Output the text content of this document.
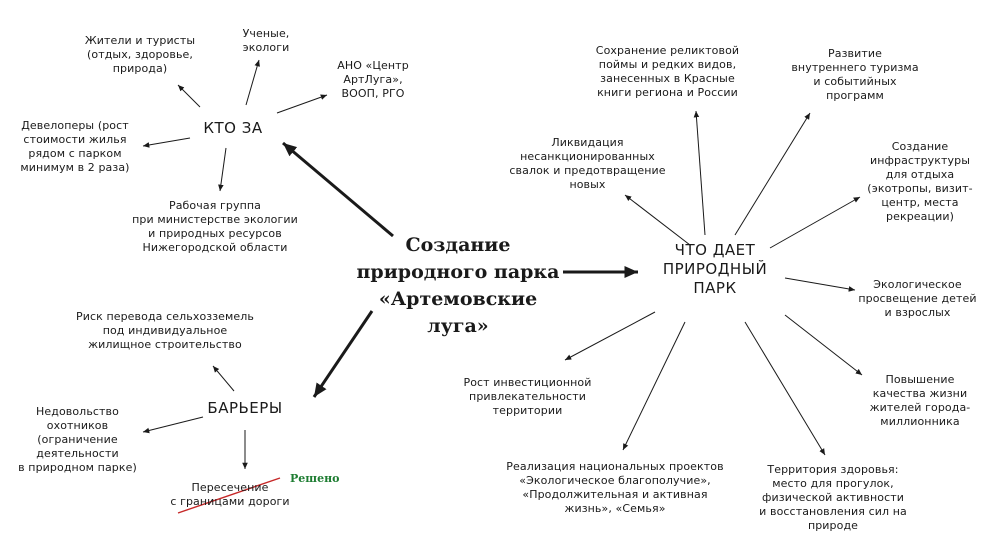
Создание
природного парка
«Артемовские луга»
КТО ЗА
БАРЬЕРЫ
ЧТО ДАЕТ
ПРИРОДНЫЙ
ПАРК
Жители и туристы
(отдых, здоровье,
природа)
Ученые,
экологи
АНО «Центр
АртЛуга»,
ВООП, РГО
Девелоперы (рост
стоимости жилья
рядом с парком
минимум в 2 раза)
Рабочая группа
при министерстве экологии
и природных ресурсов
Нижегородской области
Риск перевода сельхозземель
под индивидуальное
жилищное строительство
Недовольство
охотников
(ограничение
деятельности
в природном парке)
Пересечение
с границами дороги
Решено
Сохранение реликтовой
поймы и редких видов,
занесенных в Красные
книги региона и России
Развитие
внутреннего туризма
и событийных
программ
Ликвидация
несанкционированных
свалок и предотвращение
новых
Создание
инфраструктуры
для отдыха
(экотропы, визит-
центр, места
рекреации)
Экологическое
просвещение детей
и взрослых
Рост инвестиционной
привлекательности
территории
Повышение
качества жизни
жителей города-
миллионника
Реализация национальных проектов
«Экологическое благополучие»,
«Продолжительная и активная
жизнь», «Семья»
Территория здоровья:
место для прогулок,
физической активности
и восстановления сил на
природе
